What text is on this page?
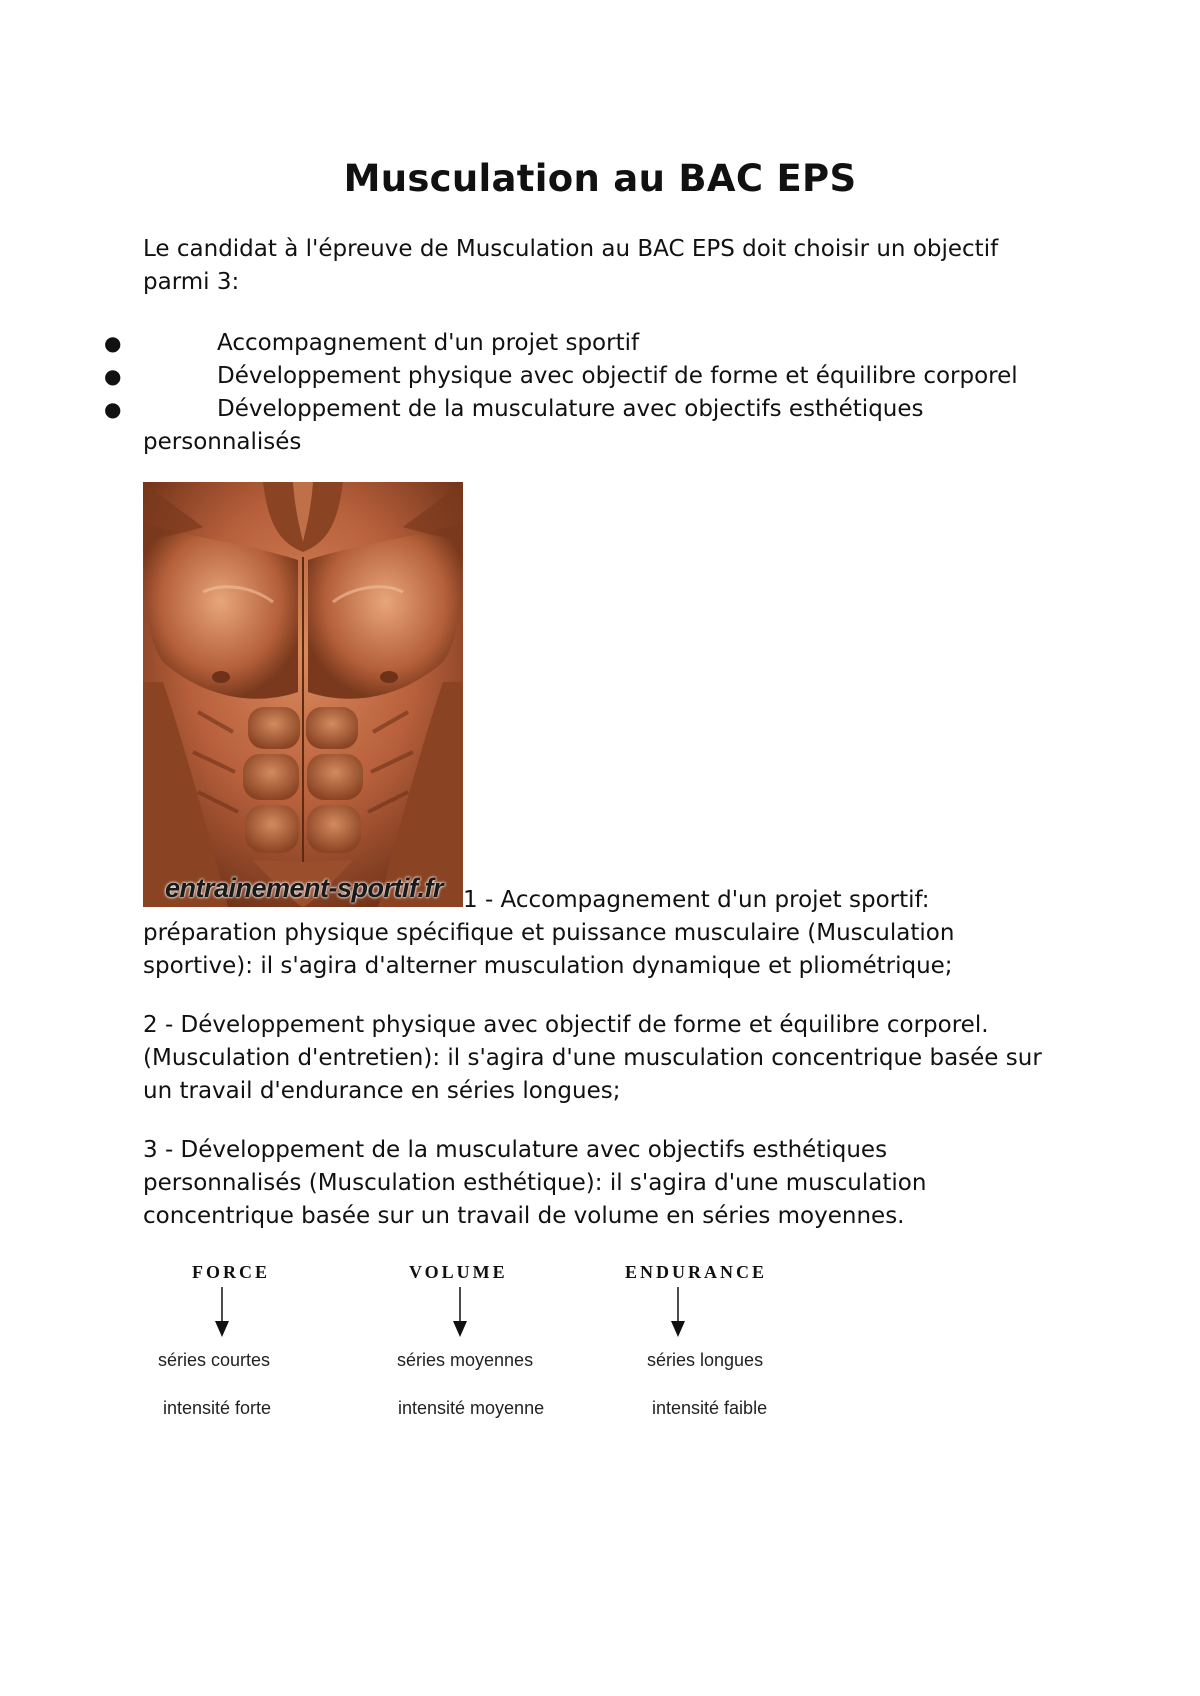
Musculation au BAC EPS

Le candidat à l'épreuve de Musculation au BAC EPS doit choisir un objectif
parmi 3:

●	Accompagnement d'un projet sportif
●	Développement physique avec objectif de forme et équilibre corporel
●	Développement de la musculature avec objectifs esthétiques
personnalisés
entrainement-sportif.fr 1 - Accompagnement d'un projet sportif:

préparation physique spécifique et puissance musculaire (Musculation
sportive): il s'agira d'alterner musculation dynamique et pliométrique;

2 - Développement physique avec objectif de forme et équilibre corporel.
(Musculation d'entretien): il s'agira d'une musculation concentrique basée sur
un travail d'endurance en séries longues;

3 - Développement de la musculature avec objectifs esthétiques
personnalisés (Musculation esthétique): il s'agira d'une musculation
concentrique basée sur un travail de volume en séries moyennes.

FORCE	VOLUME	ENDURANCE
séries courtes	séries moyennes	séries longues
intensité forte	intensité moyenne	intensité faible
